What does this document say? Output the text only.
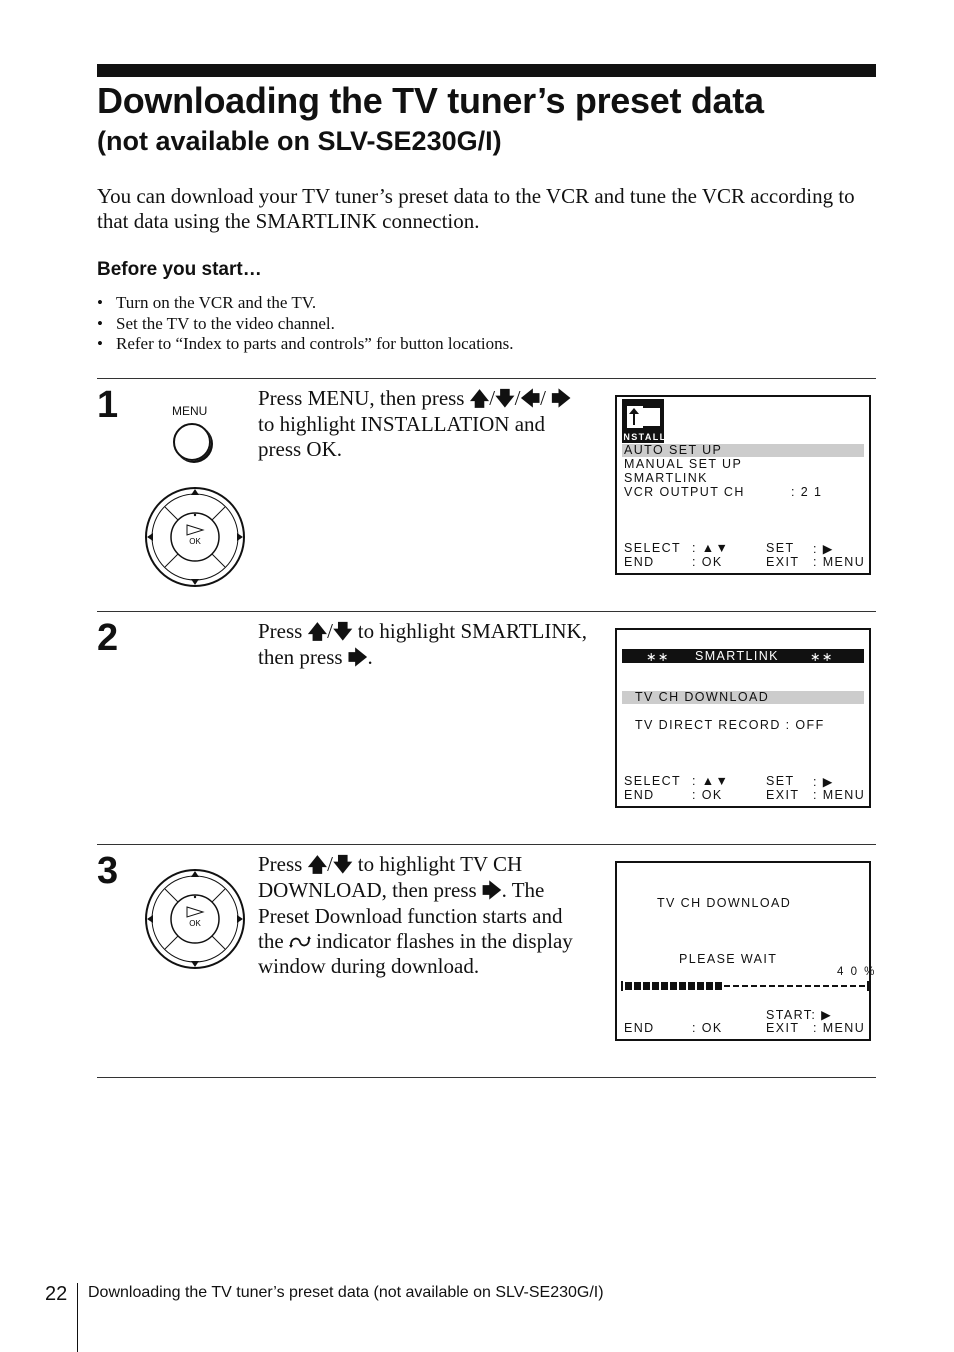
Downloading the TV tuner’s preset data
(not available on SLV-SE230G/I)
You can download your TV tuner’s preset data to the VCR and tune the VCR according to that data using the SMARTLINK connection.
Before you start…
• Turn on the VCR and the TV.
• Set the TV to the video channel.
• Refer to “Index to parts and controls” for button locations.
1	MENU
OK
Press MENU, then press 🡅/🡇/🡄/ 🡆 to highlight INSTALLATION and press OK.	INSTALL
AUTO SET UP
MANUAL SET UP
SMARTLINK
VCR OUTPUT CH	: 2 1
SELECT : ▲▼	SET : ▶
END	: OK	EXIT : MENU
2	Press 🡅/🡇 to highlight SMARTLINK, then press 🡆.	∗∗ SMARTLINK ∗∗
TV CH DOWNLOAD
TV DIRECT RECORD : OFF
SELECT : ▲▼	SET : ▶
END	: OK	EXIT : MENU
3
OK
Press 🡅/🡇 to highlight TV CH DOWNLOAD, then press 🡆. The Preset Download function starts and the  indicator flashes in the display window during download.
TV CH DOWNLOAD
PLEASE WAIT
4 0 %
START: ▶
END	: OK	EXIT : MENU
22 Downloading the TV tuner’s preset data (not available on SLV-SE230G/I)
